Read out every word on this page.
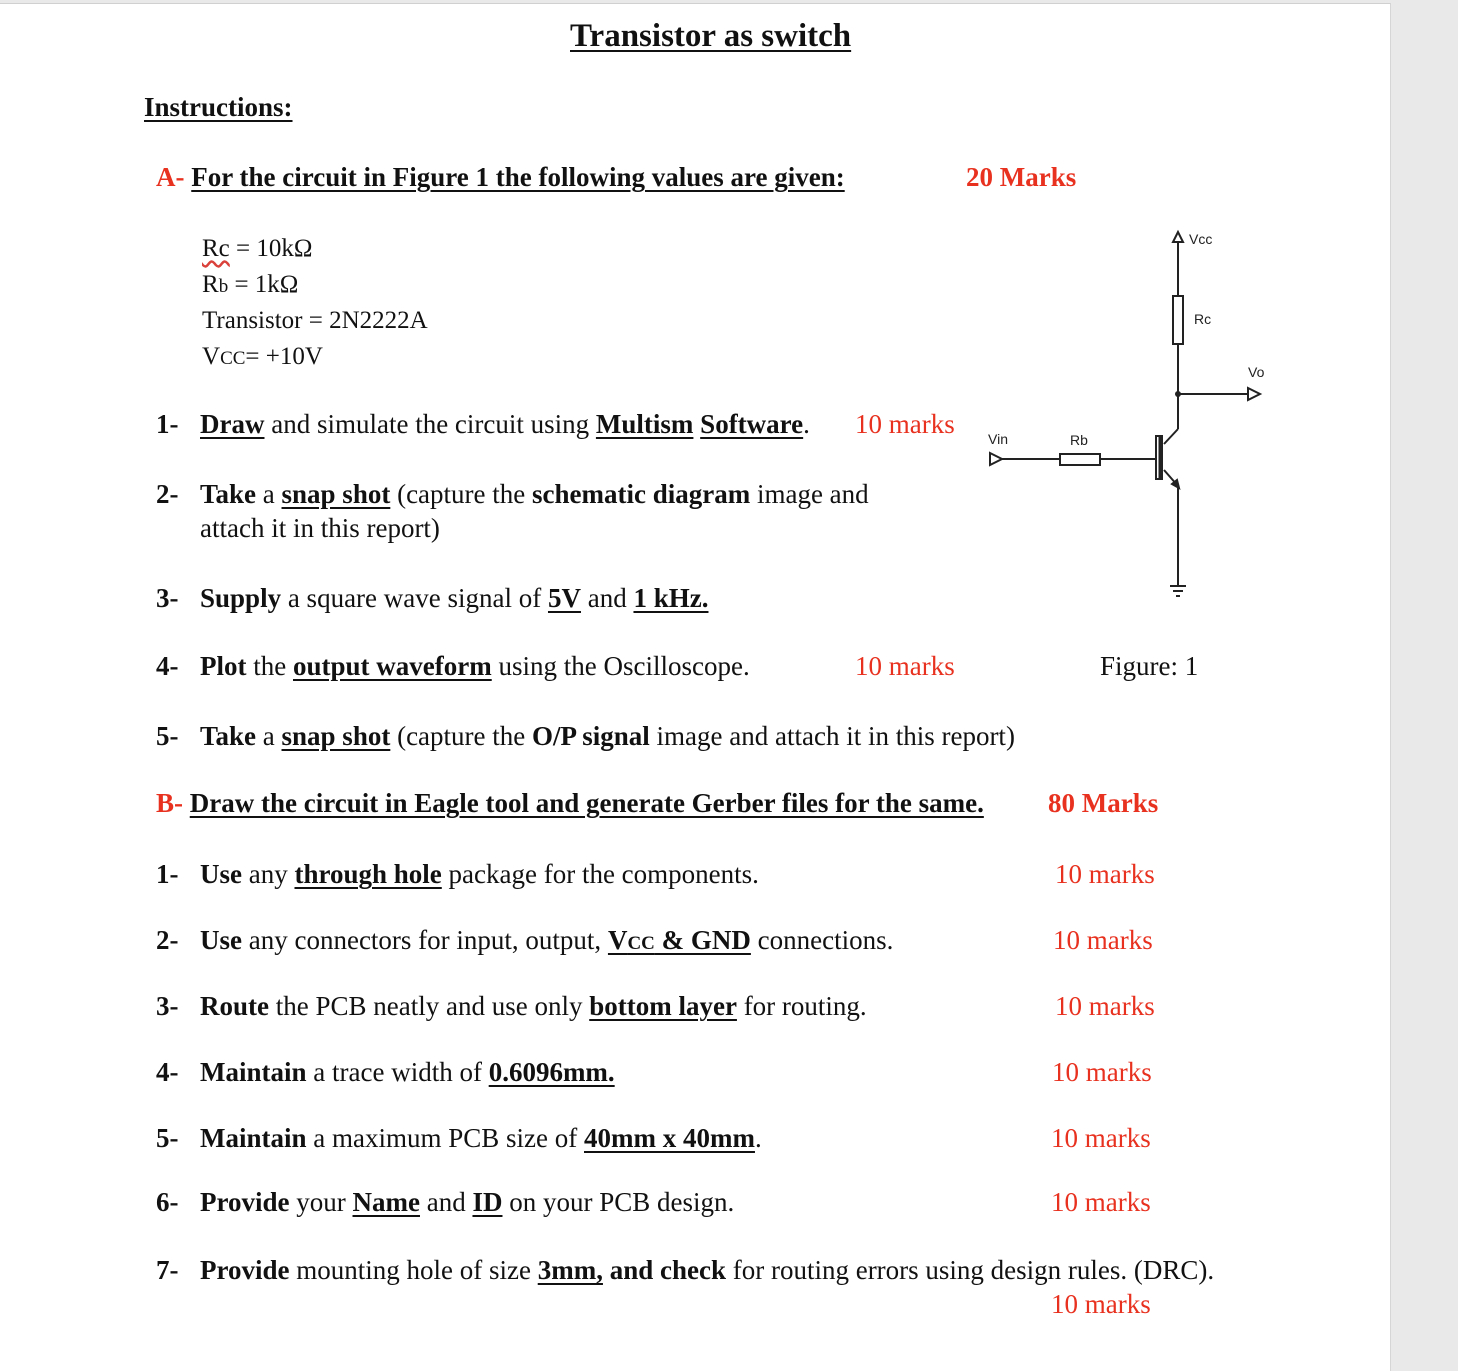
Transistor as switch
Instructions:
A- For the circuit in Figure 1 the following values are given:	20 Marks
Rc = 10kΩ
Rb = 1kΩ
Transistor = 2N2222A
VCC= +10V
1- Draw and simulate the circuit using Multism Software. 10 marks
2- Take a snap shot (capture the schematic diagram image and
attach it in this report)
3- Supply a square wave signal of 5V and 1 kHz.
4- Plot the output waveform using the Oscilloscope.	10 marks
5- Take a snap shot (capture the O/P signal image and attach it in this report)
Vcc
Rc
Vo
Vin	Rb
Figure: 1
B- Draw the circuit in Eagle tool and generate Gerber files for the same. 80 Marks
1- Use any through hole package for the components.	10 marks
2- Use any connectors for input, output, VCC & GND connections.	10 marks
3- Route the PCB neatly and use only bottom layer for routing.	10 marks
4- Maintain a trace width of 0.6096mm.	10 marks
5- Maintain a maximum PCB size of 40mm x 40mm.	10 marks
6- Provide your Name and ID on your PCB design.	10 marks
7- Provide mounting hole of size 3mm, and check for routing errors using design rules. (DRC).
10 marks
